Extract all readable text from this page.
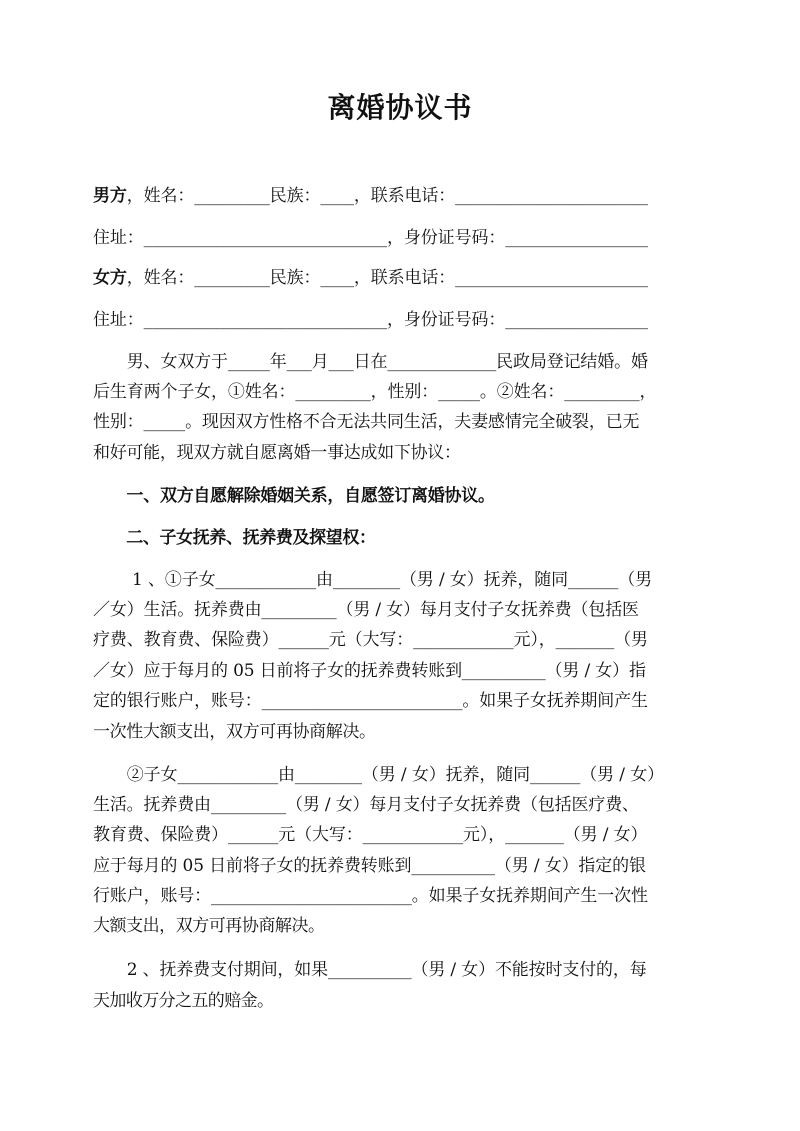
离婚协议书
男方，姓名：_________民族：____，联系电话：_______________________
住址：_____________________________，身份证号码：_________________
女方，姓名：_________民族：____，联系电话：_______________________
住址：_____________________________，身份证号码：_________________
　　男、女双方于_____年___月___日在_____________民政局登记结婚。婚
后生育两个子女，①姓名：_________，性别：_____。②姓名：_________，
性别：_____。现因双方性格不合无法共同生活，夫妻感情完全破裂，已无
和好可能，现双方就自愿离婚一事达成如下协议：
　　一、双方自愿解除婚姻关系，自愿签订离婚协议。
　　二、子女抚养、抚养费及探望权：
　　 1 、①子女____________由________（男 / 女）抚养，随同______（男
／女）生活。抚养费由_________（男 / 女）每月支付子女抚养费（包括医
疗费、教育费、保险费）______元（大写：____________元），_______（男
／女）应于每月的 05 日前将子女的抚养费转账到__________（男 / 女）指
定的银行账户，账号：________________________。如果子女抚养期间产生
一次性大额支出，双方可再协商解决。
　　②子女____________由________（男 / 女）抚养，随同______（男 / 女）
生活。抚养费由_________（男 / 女）每月支付子女抚养费（包括医疗费、
教育费、保险费）______元（大写：____________元），_______（男 / 女）
应于每月的 05 日前将子女的抚养费转账到__________（男 / 女）指定的银
行账户，账号：________________________。如果子女抚养期间产生一次性
大额支出，双方可再协商解决。
　　2 、抚养费支付期间，如果__________（男 / 女）不能按时支付的，每
天加收万分之五的赔金。
